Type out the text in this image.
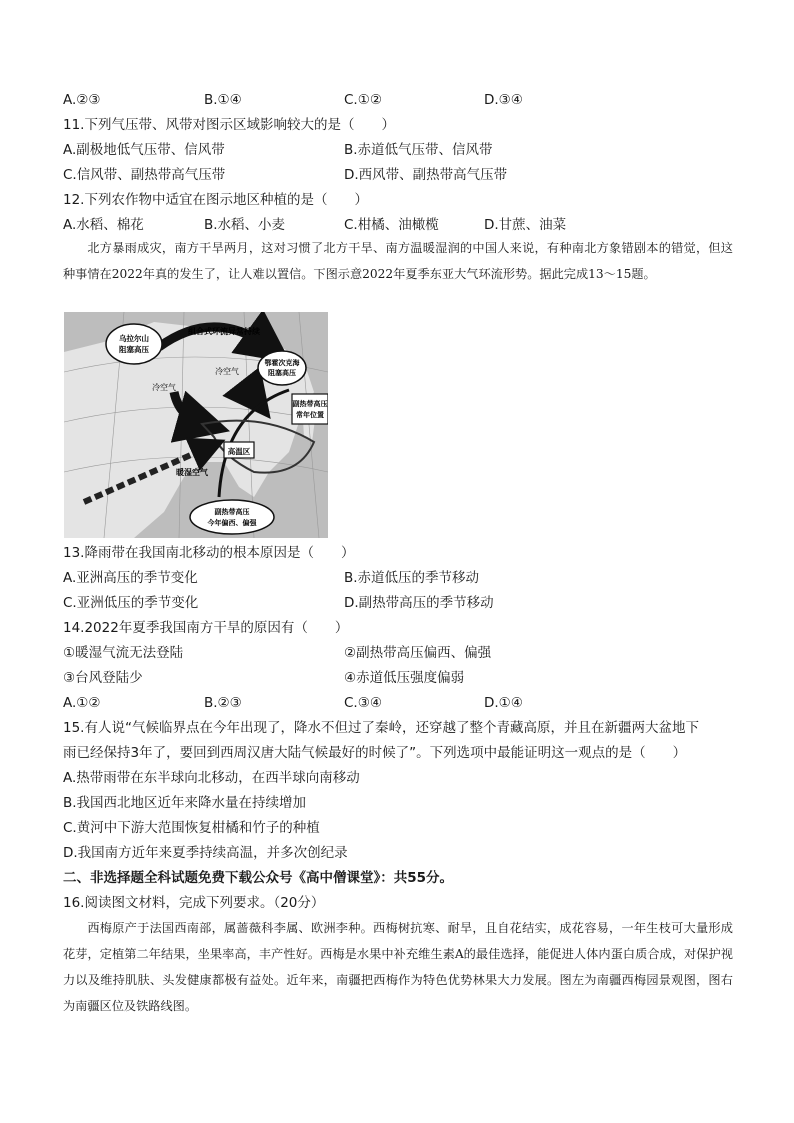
A.②③	B.①④	C.①②	D.③④
11.下列气压带、风带对图示区域影响较大的是（　　）
A.副极地低气压带、信风带	B.赤道低气压带、信风带
C.信风带、副热带高气压带	D.西风带、副热带高气压带
12.下列农作物中适宜在图示地区种植的是（　　）
A.水稻、棉花	B.水稻、小麦	C.柑橘、油橄榄	D.甘蔗、油菜
北方暴雨成灾，南方干旱两月，这对习惯了北方干旱、南方温暖湿润的中国人来说，有种南北方象错剧本的错觉，但这种事情在2022年真的发生了，让人难以置信。下图示意2022年夏季东亚大气环流形势。据此完成13～15题。
乌拉尔山
阻塞高压
组合式环流异常持续
鄂霍次克海
阻塞高压
冷空气
冷空气
副热带高压
常年位置
高温区
暖湿空气
副热带高压
今年偏西、偏强
13.降雨带在我国南北移动的根本原因是（　　）
A.亚洲高压的季节变化	B.赤道低压的季节移动
C.亚洲低压的季节变化	D.副热带高压的季节移动
14.2022年夏季我国南方干旱的原因有（　　）
①暖湿气流无法登陆	②副热带高压偏西、偏强
③台风登陆少	④赤道低压强度偏弱
A.①②	B.②③	C.③④	D.①④
15.有人说“气候临界点在今年出现了，降水不但过了秦岭，还穿越了整个青藏高原，并且在新疆两大盆地下
雨已经保持3年了，要回到西周汉唐大陆气候最好的时候了”。下列选项中最能证明这一观点的是（　　）
A.热带雨带在东半球向北移动，在西半球向南移动
B.我国西北地区近年来降水量在持续增加
C.黄河中下游大范围恢复柑橘和竹子的种植
D.我国南方近年来夏季持续高温，并多次创纪录
二、非选择题全科试题免费下载公众号《高中僧课堂》：共55分。
16.阅读图文材料，完成下列要求。（20分）
西梅原产于法国西南部，属蔷薇科李属、欧洲李种。西梅树抗寒、耐旱，且自花结实，成花容易，一年生枝可大量形成花芽，定植第二年结果，坐果率高，丰产性好。西梅是水果中补充维生素A的最佳选择，能促进人体内蛋白质合成，对保护视力以及维持肌肤、头发健康都极有益处。近年来，南疆把西梅作为特色优势林果大力发展。图左为南疆西梅园景观图，图右为南疆区位及铁路线图。
